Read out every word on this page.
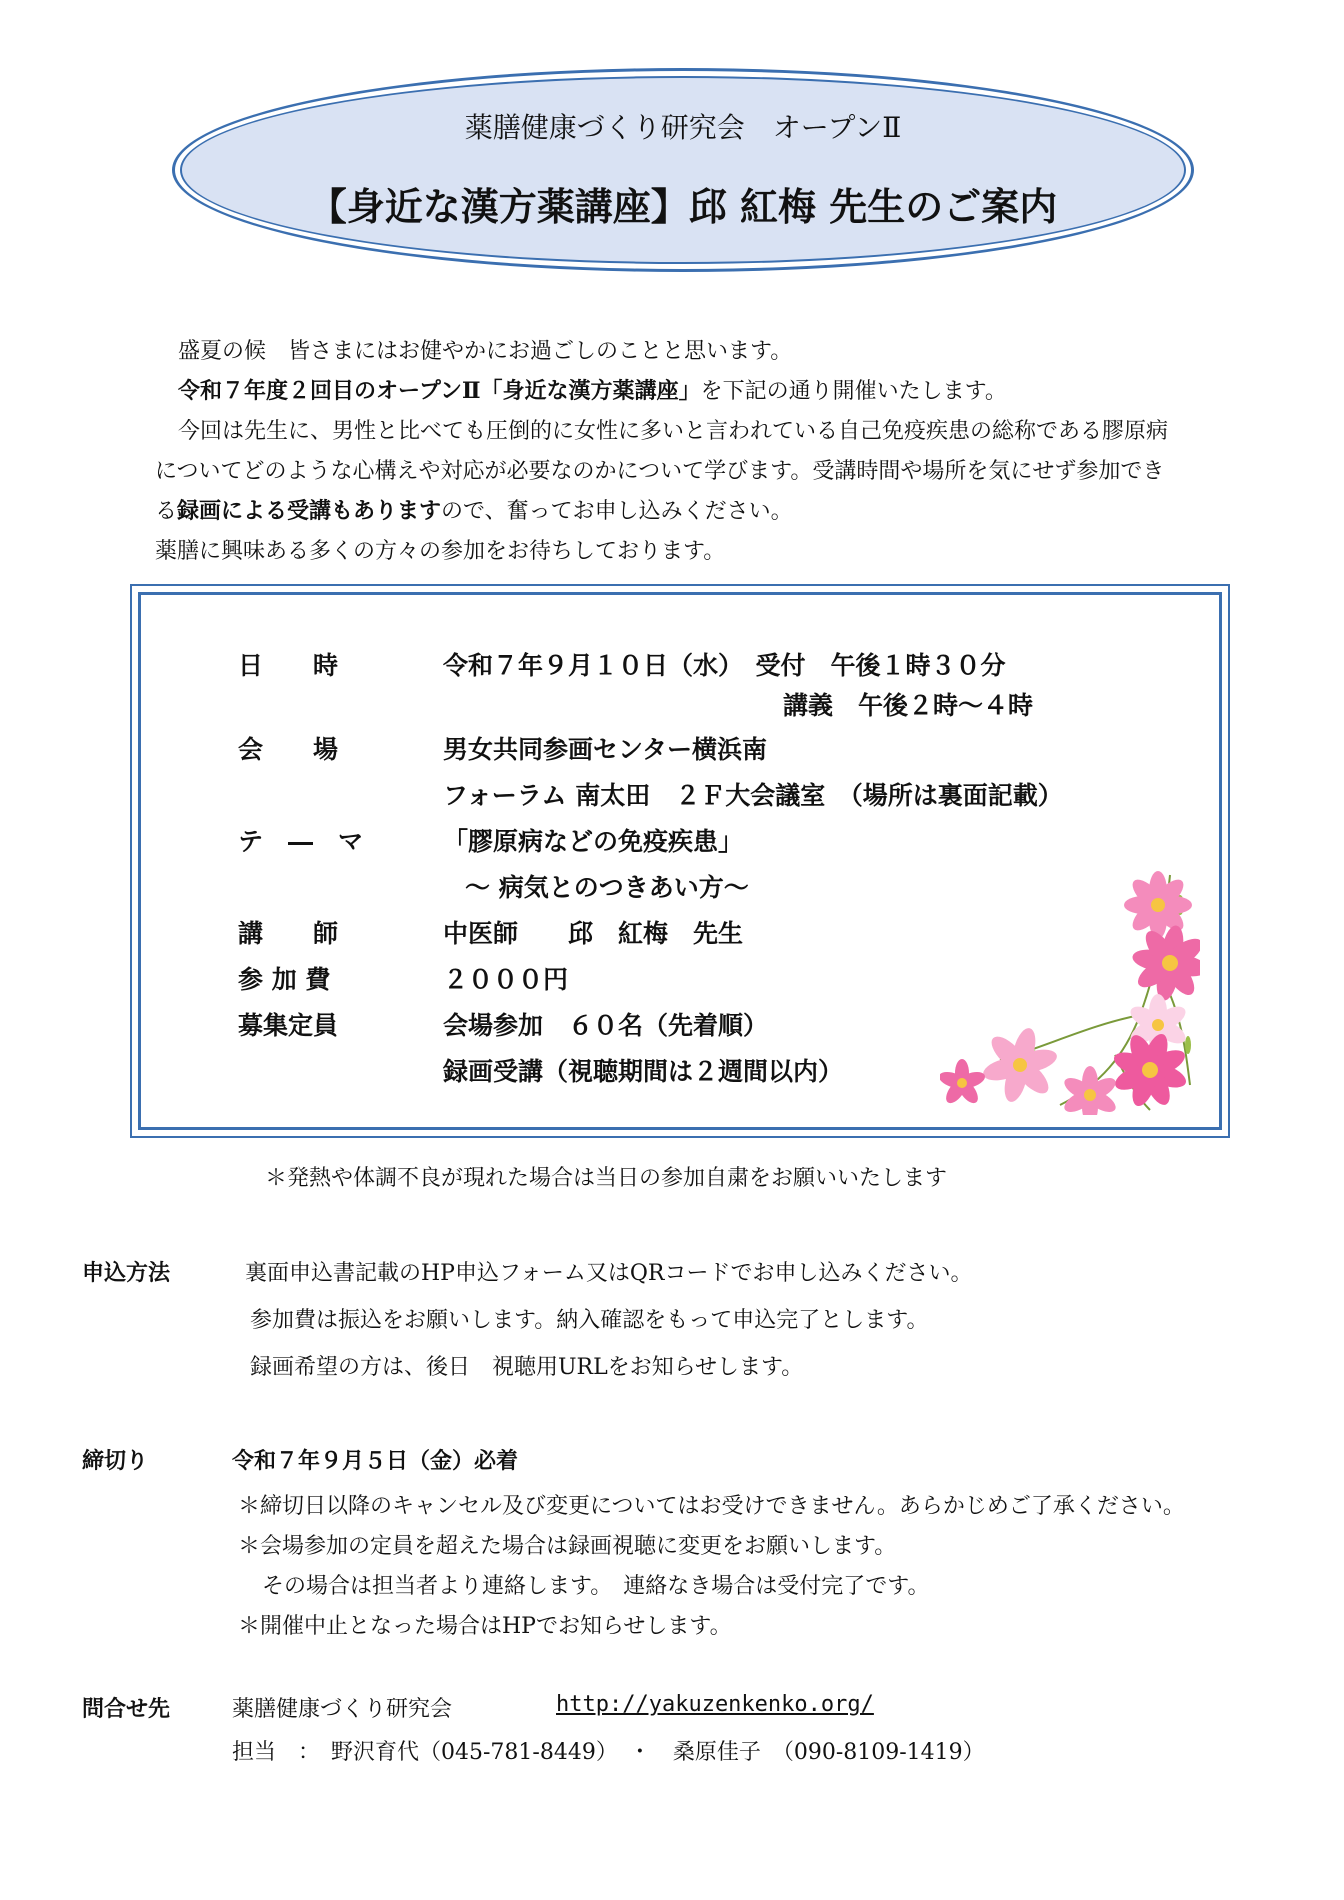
薬膳健康づくり研究会　オープンⅡ
【身近な漢方薬講座】邱 紅梅 先生のご案内
盛夏の候　皆さまにはお健やかにお過ごしのことと思います。
令和７年度２回目のオープンⅡ「身近な漢方薬講座」を下記の通り開催いたします。
今回は先生に、男性と比べても圧倒的に女性に多いと言われている自己免疫疾患の総称である膠原病
についてどのような心構えや対応が必要なのかについて学びます。受講時間や場所を気にせず参加でき
る録画による受講もありますので、奮ってお申し込みください。
薬膳に興味ある多くの方々の参加をお待ちしております。
日　　時	令和７年９月１０日（水）　受付　午後１時３０分
講義　午後２時～４時
会　　場	男女共同参画センター横浜南
フォーラム 南太田　２Ｆ大会議室　（場所は裏面記載）
テ　―　マ	「膠原病などの免疫疾患」
～ 病気とのつきあい方～
講　　師	中医師　　邱　紅梅　先生
参 加 費	２０００円
募集定員	会場参加　６０名（先着順）
録画受講（視聴期間は２週間以内）
＊発熱や体調不良が現れた場合は当日の参加自粛をお願いいたします
申込方法	裏面申込書記載のHP申込フォーム又はQRコードでお申し込みください。
参加費は振込をお願いします。納入確認をもって申込完了とします。
録画希望の方は、後日　視聴用URLをお知らせします。
締切り	令和７年９月５日（金）必着
＊締切日以降のキャンセル及び変更についてはお受けできません。あらかじめご了承ください。
＊会場参加の定員を超えた場合は録画視聴に変更をお願いします。
その場合は担当者より連絡します。　連絡なき場合は受付完了です。
＊開催中止となった場合はHPでお知らせします。
問合せ先	薬膳健康づくり研究会	http://yakuzenkenko.org/
担当　：　野沢育代（045-781-8449）　・　桑原佳子　（090-8109-1419）
